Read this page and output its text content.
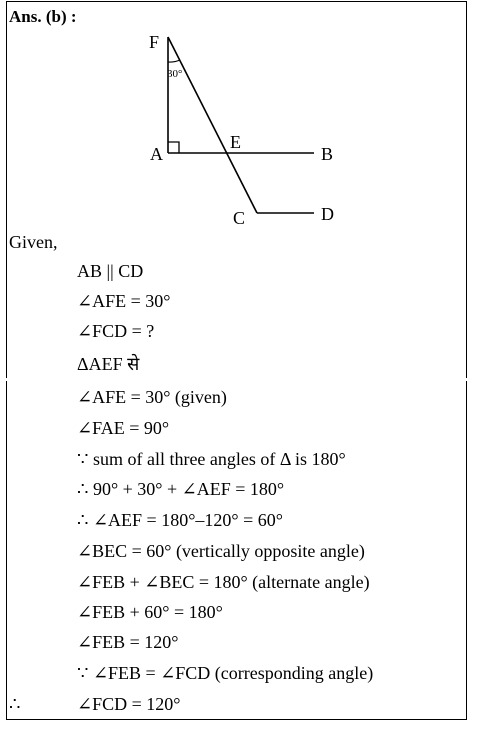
Ans. (b) :
F
30°
A
E
B
C	D
Given,
AB || CD
∠AFE = 30°
∠FCD = ?
ΔAEF से
∠AFE = 30° (given)
∠FAE = 90°
∵ sum of all three angles of Δ is 180°
∴ 90° + 30° + ∠AEF = 180°
∴ ∠AEF = 180°–120° = 60°
∠BEC = 60° (vertically opposite angle)
∠FEB + ∠BEC = 180° (alternate angle)
∠FEB + 60° = 180°
∠FEB = 120°
∵ ∠FEB = ∠FCD (corresponding angle)
∠FCD = 120°
∴
